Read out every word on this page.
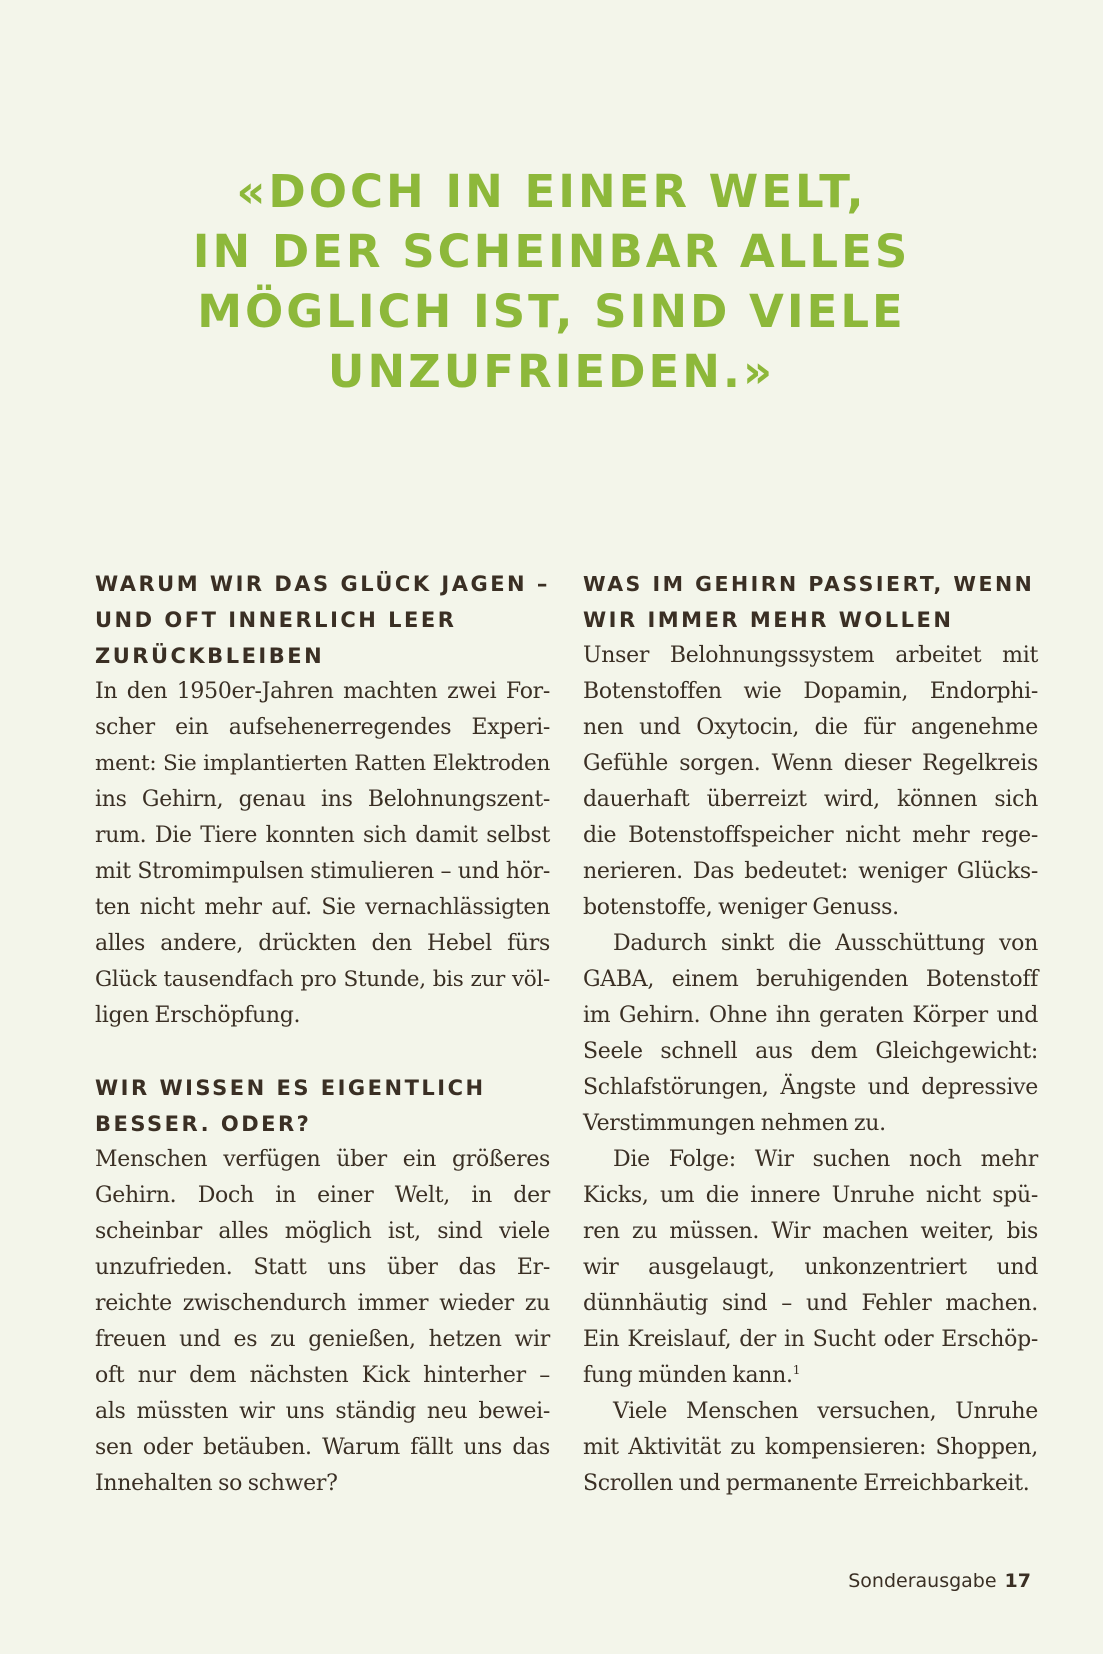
«DOCH IN EINER WELT,
IN DER SCHEINBAR ALLES
MÖGLICH IST, SIND VIELE
UNZUFRIEDEN.»
WARUM WIR DAS GLÜCK JAGEN –
UND OFT INNERLICH LEER
ZURÜCKBLEIBEN

In den 1950er-Jahren machten zwei For-
scher ein aufsehenerregendes Experi-
ment: Sie implantierten Ratten Elektroden
ins Gehirn, genau ins Belohnungszent-
rum. Die Tiere konnten sich damit selbst
mit Stromimpulsen stimulieren – und hör-
ten nicht mehr auf. Sie vernachlässigten
alles andere, drückten den Hebel fürs
Glück tausendfach pro Stunde, bis zur völ-
ligen Erschöpfung.

WIR WISSEN ES EIGENTLICH
BESSER. ODER?

Menschen verfügen über ein größeres
Gehirn. Doch in einer Welt, in der
scheinbar alles möglich ist, sind viele
unzufrieden. Statt uns über das Er-
reichte zwischendurch immer wieder zu
freuen und es zu genießen, hetzen wir
oft nur dem nächsten Kick hinterher –
als müssten wir uns ständig neu bewei-
sen oder betäuben. Warum fällt uns das
Innehalten so schwer?

WAS IM GEHIRN PASSIERT, WENN
WIR IMMER MEHR WOLLEN

Unser Belohnungssystem arbeitet mit
Botenstoffen wie Dopamin, Endorphi-
nen und Oxytocin, die für angenehme
Gefühle sorgen. Wenn dieser Regelkreis
dauerhaft überreizt wird, können sich
die Botenstoffspeicher nicht mehr rege-
nerieren. Das bedeutet: weniger Glücks-
botenstoffe, weniger Genuss.

Dadurch sinkt die Ausschüttung von
GABA, einem beruhigenden Botenstoff
im Gehirn. Ohne ihn geraten Körper und
Seele schnell aus dem Gleichgewicht:
Schlafstörungen, Ängste und depressive
Verstimmungen nehmen zu.

Die Folge: Wir suchen noch mehr
Kicks, um die innere Unruhe nicht spü-
ren zu müssen. Wir machen weiter, bis
wir ausgelaugt, unkonzentriert und
dünnhäutig sind – und Fehler machen.
Ein Kreislauf, der in Sucht oder Erschöp-
fung münden kann.$^1$

Viele Menschen versuchen, Unruhe
mit Aktivität zu kompensieren: Shoppen,
Scrollen und permanente Erreichbarkeit.

Sonderausgabe 17
